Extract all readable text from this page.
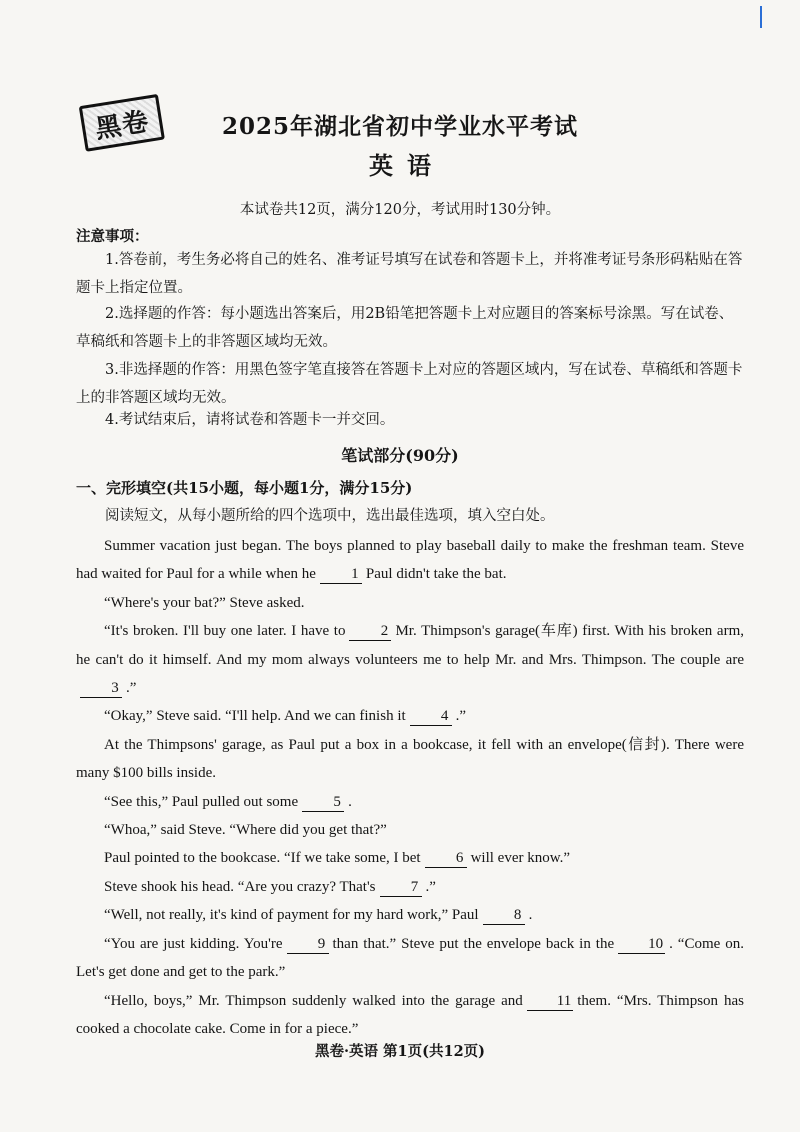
黑卷	2025年湖北省初中学业水平考试
英语
本试卷共12页，满分120分，考试用时130分钟。
注意事项：

1.答卷前，考生务必将自己的姓名、准考证号填写在试卷和答题卡上，并将准考证号条形码粘贴在答题卡上指定位置。

2.选择题的作答：每小题选出答案后，用2B铅笔把答题卡上对应题目的答案标号涂黑。写在试卷、草稿纸和答题卡上的非答题区域均无效。

3.非选择题的作答：用黑色签字笔直接答在答题卡上对应的答题区域内，写在试卷、草稿纸和答题卡上的非答题区域均无效。

4.考试结束后，请将试卷和答题卡一并交回。

笔试部分(90分)
一、完形填空(共15小题，每小题1分，满分15分)
阅读短文，从每小题所给的四个选项中，选出最佳选项，填入空白处。

Summer vacation just began. The boys planned to play baseball daily to make the freshman team. Steve had waited for Paul for a while when he 1 Paul didn't take the bat.

“Where's your bat?” Steve asked.

“It's broken. I'll buy one later. I have to 2 Mr. Thimpson's garage(车库) first. With his broken arm, he can't do it himself. And my mom always volunteers me to help Mr. and Mrs. Thimpson. The couple are3 .”

“Okay,” Steve said. “I'll help. And we can finish it 4 .”

At the Thimpsons' garage, as Paul put a box in a bookcase, it fell with an envelope(信封). There were many $100 bills inside.

“See this,” Paul pulled out some 5 .

“Whoa,” said Steve. “Where did you get that?”

Paul pointed to the bookcase. “If we take some, I bet 6 will ever know.”

Steve shook his head. “Are you crazy? That's 7 .”

“Well, not really, it's kind of payment for my hard work,” Paul 8 .

“You are just kidding. You're 9 than that.” Steve put the envelope back in the 10 . “Come on. Let's get done and get to the park.”

“Hello, boys,” Mr. Thimpson suddenly walked into the garage and 11 them. “Mrs. Thimpson has cooked a chocolate cake. Come in for a piece.”

黑卷·英语 第1页(共12页)
